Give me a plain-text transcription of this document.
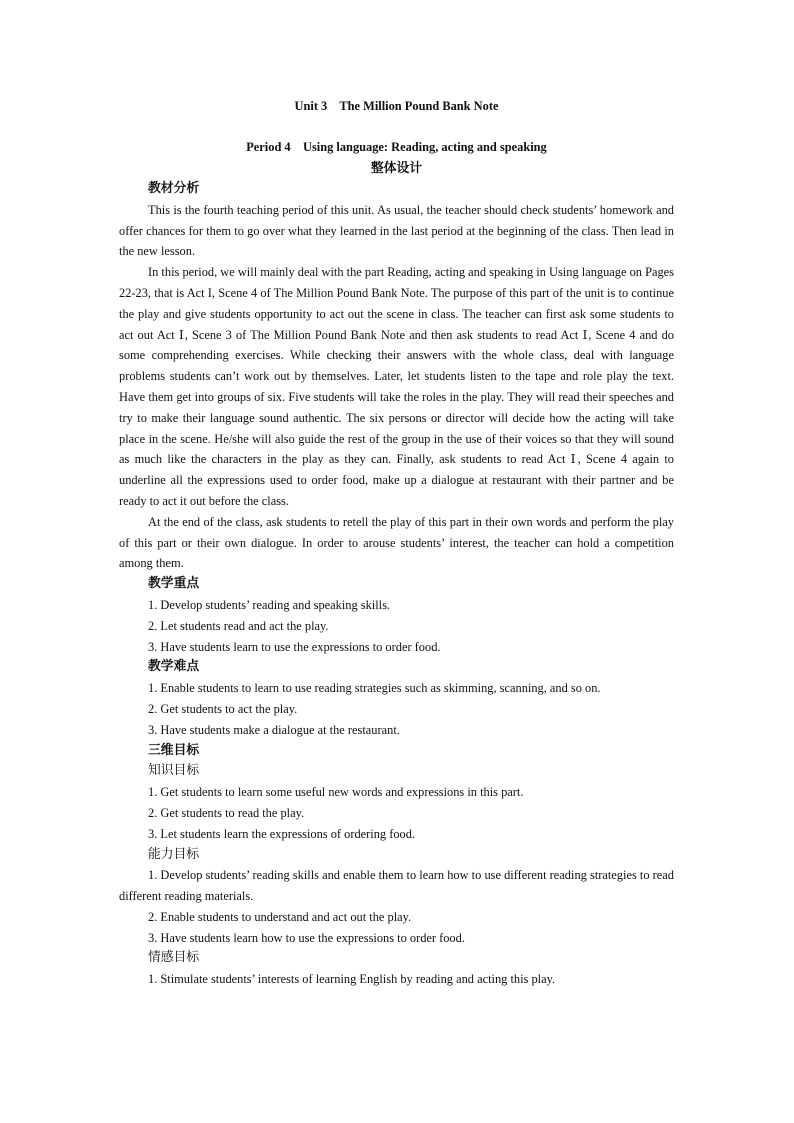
Unit 3    The Million Pound Bank Note

Period 4    Using language: Reading, acting and speaking

整体设计

教材分析

This is the fourth teaching period of this unit. As usual, the teacher should check students’ homework and offer chances for them to go over what they learned in the last period at the beginning of the class. Then lead in the new lesson.

In this period, we will mainly deal with the part Reading, acting and speaking in Using language on Pages 22-23, that is Act I, Scene 4 of The Million Pound Bank Note. The purpose of this part of the unit is to continue the play and give students opportunity to act out the scene in class. The teacher can first ask some students to act out Act Ⅰ, Scene 3 of The Million Pound Bank Note and then ask students to read Act Ⅰ, Scene 4 and do some comprehending exercises. While checking their answers with the whole class, deal with language problems students can’t work out by themselves. Later, let students listen to the tape and role play the text. Have them get into groups of six. Five students will take the roles in the play. They will read their speeches and try to make their language sound authentic. The six persons or director will decide how the acting will take place in the scene. He/she will also guide the rest of the group in the use of their voices so that they will sound as much like the characters in the play as they can. Finally, ask students to read Act Ⅰ, Scene 4 again to underline all the expressions used to order food, make up a dialogue at restaurant with their partner and be ready to act it out before the class.

At the end of the class, ask students to retell the play of this part in their own words and perform the play of this part or their own dialogue. In order to arouse students’ interest, the teacher can hold a competition among them.

教学重点

1. Develop students’ reading and speaking skills.

2. Let students read and act the play.

3. Have students learn to use the expressions to order food.

教学难点

1. Enable students to learn to use reading strategies such as skimming, scanning, and so on.

2. Get students to act the play.

3. Have students make a dialogue at the restaurant.

三维目标

知识目标

1. Get students to learn some useful new words and expressions in this part.

2. Get students to read the play.

3. Let students learn the expressions of ordering food.

能力目标

1. Develop students’ reading skills and enable them to learn how to use different reading strategies to read different reading materials.

2. Enable students to understand and act out the play.

3. Have students learn how to use the expressions to order food.

情感目标

1. Stimulate students’ interests of learning English by reading and acting this play.
